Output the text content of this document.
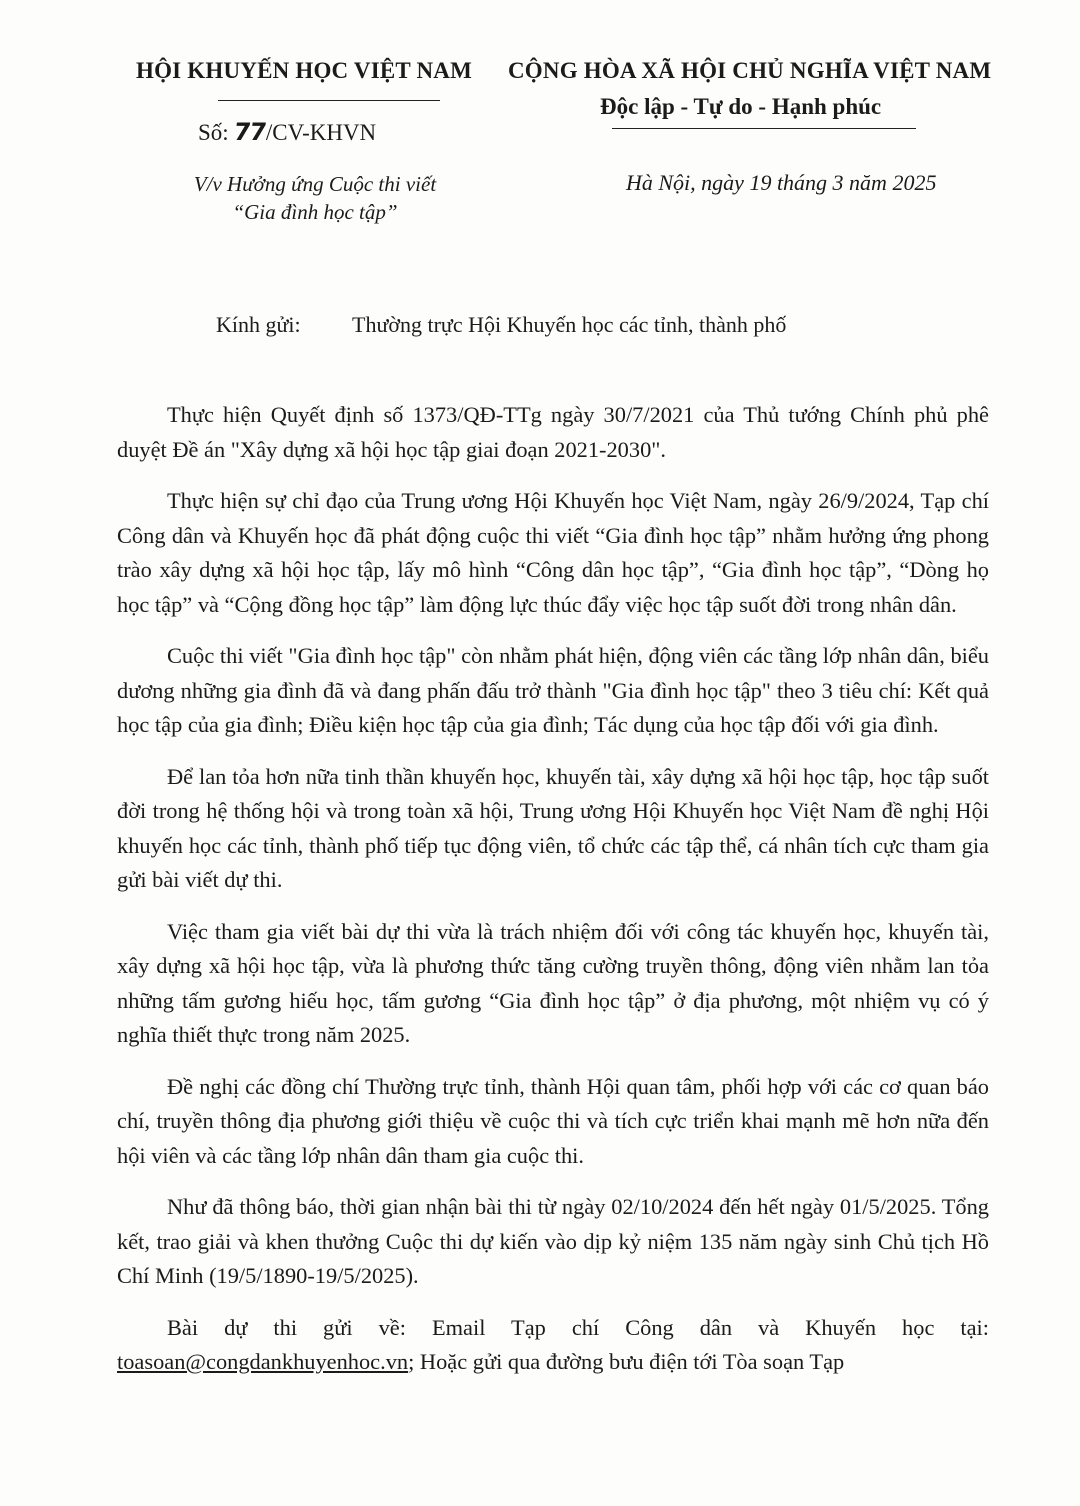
HỘI KHUYẾN HỌC VIỆT NAM
Số: 77/CV-KHVN
V/v Hưởng ứng Cuộc thi viết
“Gia đình học tập”
CỘNG HÒA XÃ HỘI CHỦ NGHĨA VIỆT NAM
Độc lập - Tự do - Hạnh phúc
Hà Nội, ngày 19 tháng 3 năm 2025
Kính gửi: Thường trực Hội Khuyến học các tỉnh, thành phố

Thực hiện Quyết định số 1373/QĐ-TTg ngày 30/7/2021 của Thủ tướng Chính phủ phê duyệt Đề án "Xây dựng xã hội học tập giai đoạn 2021-2030".

Thực hiện sự chỉ đạo của Trung ương Hội Khuyến học Việt Nam, ngày 26/9/2024, Tạp chí Công dân và Khuyến học đã phát động cuộc thi viết “Gia đình học tập” nhằm hưởng ứng phong trào xây dựng xã hội học tập, lấy mô hình “Công dân học tập”, “Gia đình học tập”, “Dòng họ học tập” và “Cộng đồng học tập” làm động lực thúc đẩy việc học tập suốt đời trong nhân dân.

Cuộc thi viết "Gia đình học tập" còn nhằm phát hiện, động viên các tầng lớp nhân dân, biểu dương những gia đình đã và đang phấn đấu trở thành "Gia đình học tập" theo 3 tiêu chí: Kết quả học tập của gia đình; Điều kiện học tập của gia đình; Tác dụng của học tập đối với gia đình.

Để lan tỏa hơn nữa tinh thần khuyến học, khuyến tài, xây dựng xã hội học tập, học tập suốt đời trong hệ thống hội và trong toàn xã hội, Trung ương Hội Khuyến học Việt Nam đề nghị Hội khuyến học các tỉnh, thành phố tiếp tục động viên, tổ chức các tập thể, cá nhân tích cực tham gia gửi bài viết dự thi.

Việc tham gia viết bài dự thi vừa là trách nhiệm đối với công tác khuyến học, khuyến tài, xây dựng xã hội học tập, vừa là phương thức tăng cường truyền thông, động viên nhằm lan tỏa những tấm gương hiếu học, tấm gương “Gia đình học tập” ở địa phương, một nhiệm vụ có ý nghĩa thiết thực trong năm 2025.

Đề nghị các đồng chí Thường trực tỉnh, thành Hội quan tâm, phối hợp với các cơ quan báo chí, truyền thông địa phương giới thiệu về cuộc thi và tích cực triển khai mạnh mẽ hơn nữa đến hội viên và các tầng lớp nhân dân tham gia cuộc thi.

Như đã thông báo, thời gian nhận bài thi từ ngày 02/10/2024 đến hết ngày 01/5/2025. Tổng kết, trao giải và khen thưởng Cuộc thi dự kiến vào dịp kỷ niệm 135 năm ngày sinh Chủ tịch Hồ Chí Minh (19/5/1890-19/5/2025).

Bài dự thi gửi về: Email Tạp chí Công dân và Khuyến học tại: toasoan@congdankhuyenhoc.vn; Hoặc gửi qua đường bưu điện tới Tòa soạn Tạp
